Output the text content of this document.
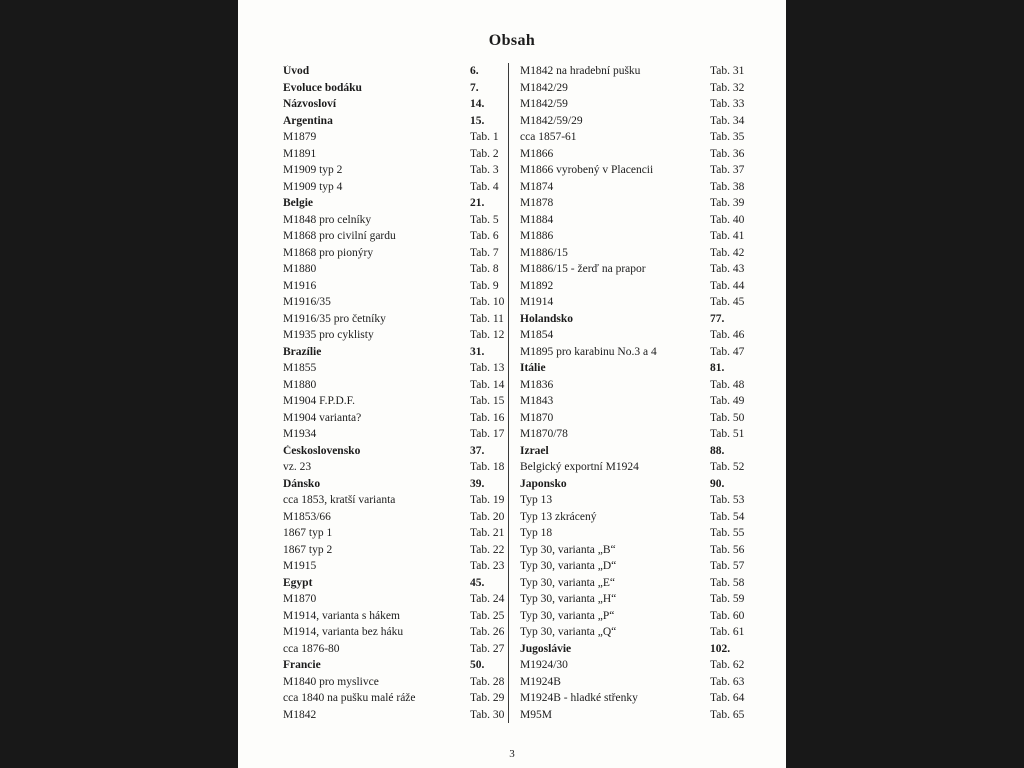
Obsah
Úvod	6.
Evoluce bodáku	7.
Názvosloví	14.
Argentina	15.
M1879	Tab. 1
M1891	Tab. 2
M1909 typ 2	Tab. 3
M1909 typ 4	Tab. 4
Belgie	21.
M1848 pro celníky	Tab. 5
M1868 pro civilní gardu	Tab. 6
M1868 pro pionýry	Tab. 7
M1880	Tab. 8
M1916	Tab. 9
M1916/35	Tab. 10
M1916/35 pro četníky	Tab. 11
M1935 pro cyklisty	Tab. 12
Brazílie	31.
M1855	Tab. 13
M1880	Tab. 14
M1904 F.P.D.F.	Tab. 15
M1904 varianta?	Tab. 16
M1934	Tab. 17
Československo	37.
vz. 23	Tab. 18
Dánsko	39.
cca 1853, kratší varianta	Tab. 19
M1853/66	Tab. 20
1867 typ 1	Tab. 21
1867 typ 2	Tab. 22
M1915	Tab. 23
Egypt	45.
M1870	Tab. 24
M1914, varianta s hákem	Tab. 25
M1914, varianta bez háku	Tab. 26
cca 1876-80	Tab. 27
Francie	50.
M1840 pro myslivce	Tab. 28
cca 1840 na pušku malé ráže	Tab. 29
M1842	Tab. 30
M1842 na hradební pušku	Tab. 31
M1842/29	Tab. 32
M1842/59	Tab. 33
M1842/59/29	Tab. 34
cca 1857-61	Tab. 35
M1866	Tab. 36
M1866 vyrobený v Placencii	Tab. 37
M1874	Tab. 38
M1878	Tab. 39
M1884	Tab. 40
M1886	Tab. 41
M1886/15	Tab. 42
M1886/15 - žerď na prapor	Tab. 43
M1892	Tab. 44
M1914	Tab. 45
Holandsko	77.
M1854	Tab. 46
M1895 pro karabinu No.3 a 4	Tab. 47
Itálie	81.
M1836	Tab. 48
M1843	Tab. 49
M1870	Tab. 50
M1870/78	Tab. 51
Izrael	88.
Belgický exportní M1924	Tab. 52
Japonsko	90.
Typ 13	Tab. 53
Typ 13 zkrácený	Tab. 54
Typ 18	Tab. 55
Typ 30, varianta „B“	Tab. 56
Typ 30, varianta „D“	Tab. 57
Typ 30, varianta „E“	Tab. 58
Typ 30, varianta „H“	Tab. 59
Typ 30, varianta „P“	Tab. 60
Typ 30, varianta „Q“	Tab. 61
Jugoslávie	102.
M1924/30	Tab. 62
M1924B	Tab. 63
M1924B - hladké střenky	Tab. 64
M95M	Tab. 65
3
